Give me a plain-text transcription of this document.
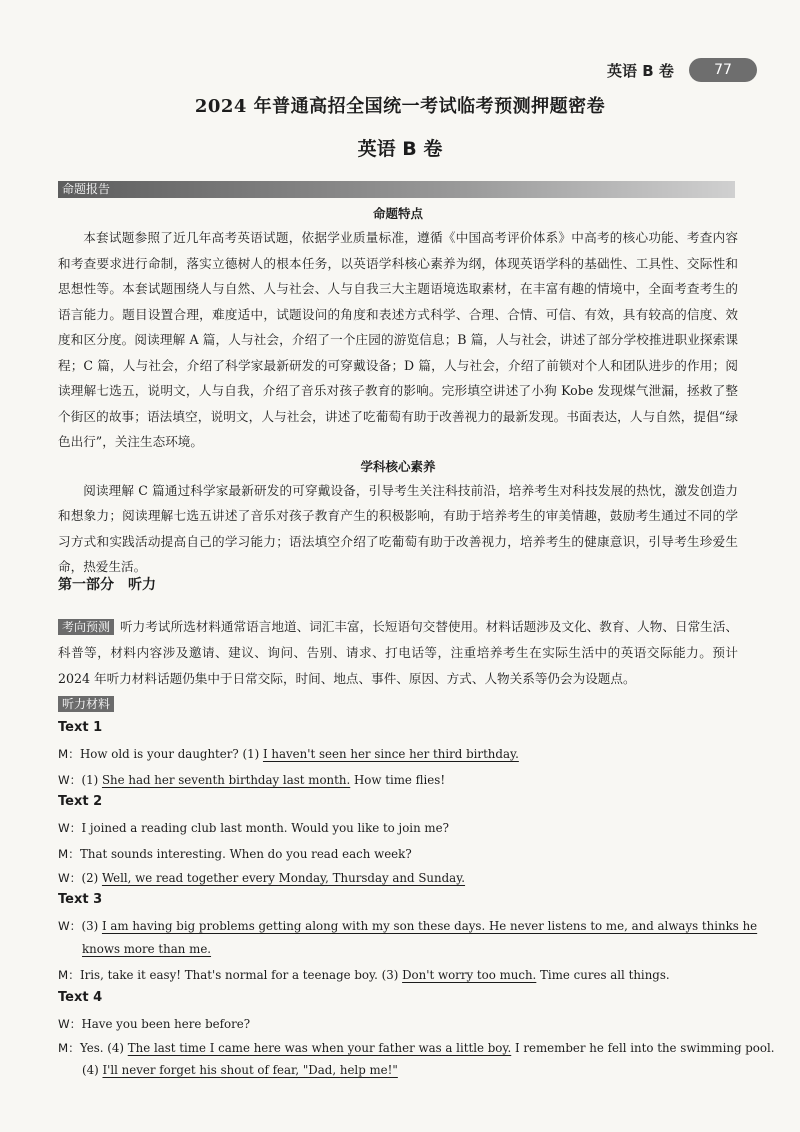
英语 B 卷	77
2024 年普通高招全国统一考试临考预测押题密卷
英语 B 卷
命题报告
命题特点

本套试题参照了近几年高考英语试题，依据学业质量标准，遵循《中国高考评价体系》中高考的核心功能、考查内容和考查要求进行命制，落实立德树人的根本任务，以英语学科核心素养为纲，体现英语学科的基础性、工具性、交际性和思想性等。本套试题围绕人与自然、人与社会、人与自我三大主题语境选取素材，在丰富有趣的情境中，全面考查考生的语言能力。题目设置合理，难度适中，试题设问的角度和表述方式科学、合理、合情、可信、有效，具有较高的信度、效度和区分度。阅读理解 A 篇，人与社会，介绍了一个庄园的游览信息；B 篇，人与社会，讲述了部分学校推进职业探索课程；C 篇，人与社会，介绍了科学家最新研发的可穿戴设备；D 篇，人与社会，介绍了前锁对个人和团队进步的作用；阅读理解七选五，说明文，人与自我，介绍了音乐对孩子教育的影响。完形填空讲述了小狗 Kobe 发现煤气泄漏，拯救了整个街区的故事；语法填空，说明文，人与社会，讲述了吃葡萄有助于改善视力的最新发现。书面表达，人与自然，提倡“绿色出行”，关注生态环境。

学科核心素养

阅读理解 C 篇通过科学家最新研发的可穿戴设备，引导考生关注科技前沿，培养考生对科技发展的热忱，激发创造力和想象力；阅读理解七选五讲述了音乐对孩子教育产生的积极影响，有助于培养考生的审美情趣，鼓励考生通过不同的学习方式和实践活动提高自己的学习能力；语法填空介绍了吃葡萄有助于改善视力，培养考生的健康意识，引导考生珍爱生命，热爱生活。

第一部分 听力

考向预测 听力考试所选材料通常语言地道、词汇丰富，长短语句交替使用。材料话题涉及文化、教育、人物、日常生活、科普等，材料内容涉及邀请、建议、询问、告别、请求、打电话等，注重培养考生在实际生活中的英语交际能力。预计 2024 年听力材料话题仍集中于日常交际，时间、地点、事件、原因、方式、人物关系等仍会为设题点。

听力材料
Text 1
M：How old is your daughter? (1) I haven't seen her since her third birthday.
W：(1) She had her seventh birthday last month. How time flies!
Text 2
W：I joined a reading club last month. Would you like to join me?
M：That sounds interesting. When do you read each week?
W：(2) Well, we read together every Monday, Thursday and Sunday.
Text 3
W：(3) I am having big problems getting along with my son these days. He never listens to me, and always thinks he
knows more than me.
M：Iris, take it easy! That's normal for a teenage boy. (3) Don't worry too much. Time cures all things.
Text 4
W：Have you been here before?
M：Yes. (4) The last time I came here was when your father was a little boy. I remember he fell into the swimming pool.
(4) I'll never forget his shout of fear, "Dad, help me!"
